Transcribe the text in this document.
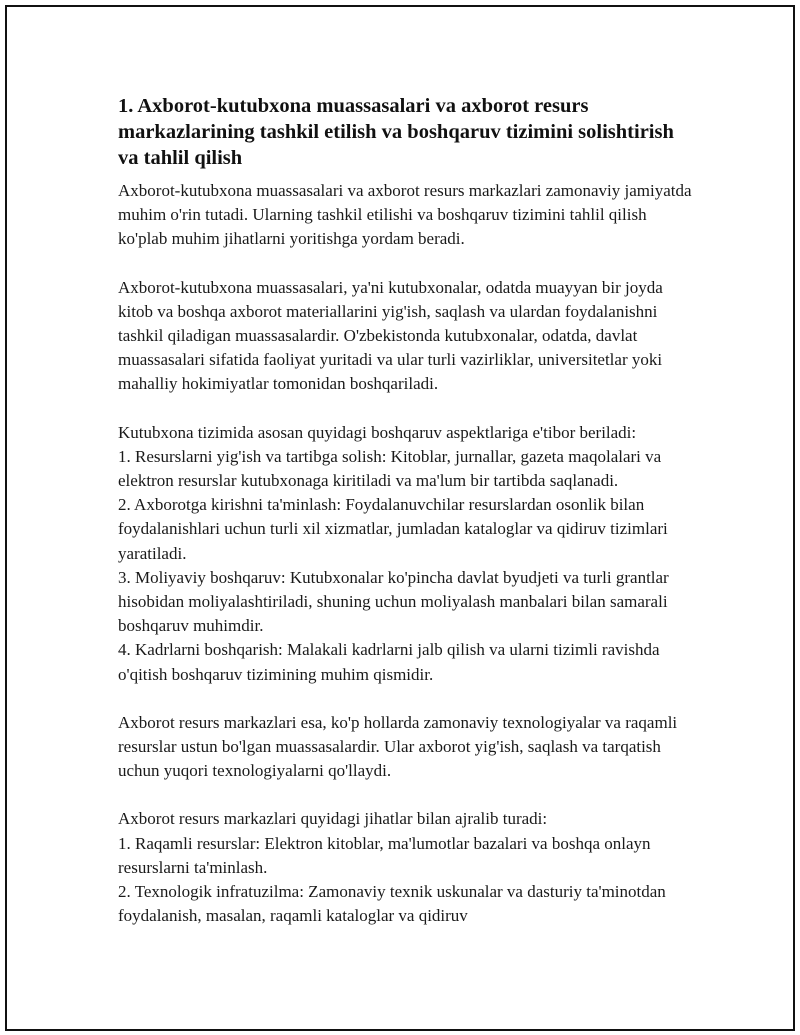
1. Axborot-kutubxona muassasalari va axborot resurs markazlarining tashkil etilish va boshqaruv tizimini solishtirish va tahlil qilish

Axborot-kutubxona muassasalari va axborot resurs markazlari zamonaviy jamiyatda muhim o'rin tutadi. Ularning tashkil etilishi va boshqaruv tizimini tahlil qilish ko'plab muhim jihatlarni yoritishga yordam beradi.

Axborot-kutubxona muassasalari, ya'ni kutubxonalar, odatda muayyan bir joyda kitob va boshqa axborot materiallarini yig'ish, saqlash va ulardan foydalanishni tashkil qiladigan muassasalardir. O'zbekistonda kutubxonalar, odatda, davlat muassasalari sifatida faoliyat yuritadi va ular turli vazirliklar, universitetlar yoki mahalliy hokimiyatlar tomonidan boshqariladi.

Kutubxona tizimida asosan quyidagi boshqaruv aspektlariga e'tibor beriladi:
1. Resurslarni yig'ish va tartibga solish: Kitoblar, jurnallar, gazeta maqolalari va elektron resurslar kutubxonaga kiritiladi va ma'lum bir tartibda saqlanadi.
2. Axborotga kirishni ta'minlash: Foydalanuvchilar resurslardan osonlik bilan foydalanishlari uchun turli xil xizmatlar, jumladan kataloglar va qidiruv tizimlari yaratiladi.
3. Moliyaviy boshqaruv: Kutubxonalar ko'pincha davlat byudjeti va turli grantlar hisobidan moliyalashtiriladi, shuning uchun moliyalash manbalari bilan samarali boshqaruv muhimdir.
4. Kadrlarni boshqarish: Malakali kadrlarni jalb qilish va ularni tizimli ravishda o'qitish boshqaruv tizimining muhim qismidir.

Axborot resurs markazlari esa, ko'p hollarda zamonaviy texnologiyalar va raqamli resurslar ustun bo'lgan muassasalardir. Ular axborot yig'ish, saqlash va tarqatish uchun yuqori texnologiyalarni qo'llaydi.

Axborot resurs markazlari quyidagi jihatlar bilan ajralib turadi:
1. Raqamli resurslar: Elektron kitoblar, ma'lumotlar bazalari va boshqa onlayn resurslarni ta'minlash.
2. Texnologik infratuzilma: Zamonaviy texnik uskunalar va dasturiy ta'minotdan foydalanish, masalan, raqamli kataloglar va qidiruv
